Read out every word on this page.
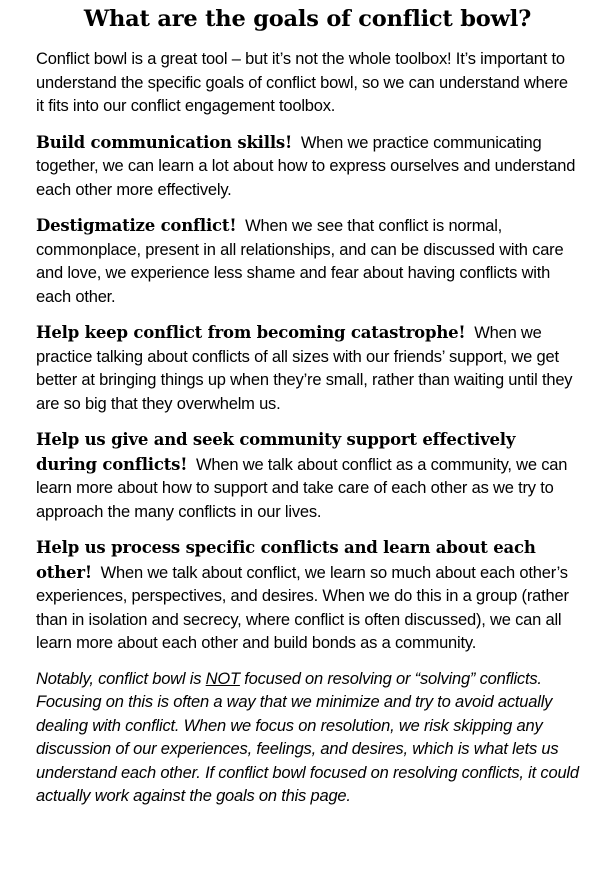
What are the goals of conflict bowl?

Conflict bowl is a great tool – but it’s not the whole toolbox! It’s important to understand the specific goals of conflict bowl, so we can understand where it fits into our conflict engagement toolbox.

Build communication skills! When we practice communicating together, we can learn a lot about how to express ourselves and understand each other more effectively.

Destigmatize conflict! When we see that conflict is normal, commonplace, present in all relationships, and can be discussed with care and love, we experience less shame and fear about having conflicts with each other.

Help keep conflict from becoming catastrophe! When we practice talking about conflicts of all sizes with our friends’ support, we get better at bringing things up when they’re small, rather than waiting until they are so big that they overwhelm us.

Help us give and seek community support effectively during conflicts! When we talk about conflict as a community, we can learn more about how to support and take care of each other as we try to approach the many conflicts in our lives.

Help us process specific conflicts and learn about each other! When we talk about conflict, we learn so much about each other’s experiences, perspectives, and desires. When we do this in a group (rather than in isolation and secrecy, where conflict is often discussed), we can all learn more about each other and build bonds as a community.

Notably, conflict bowl is NOT focused on resolving or “solving” conflicts. Focusing on this is often a way that we minimize and try to avoid actually dealing with conflict. When we focus on resolution, we risk skipping any discussion of our experiences, feelings, and desires, which is what lets us understand each other. If conflict bowl focused on resolving conflicts, it could actually work against the goals on this page.
